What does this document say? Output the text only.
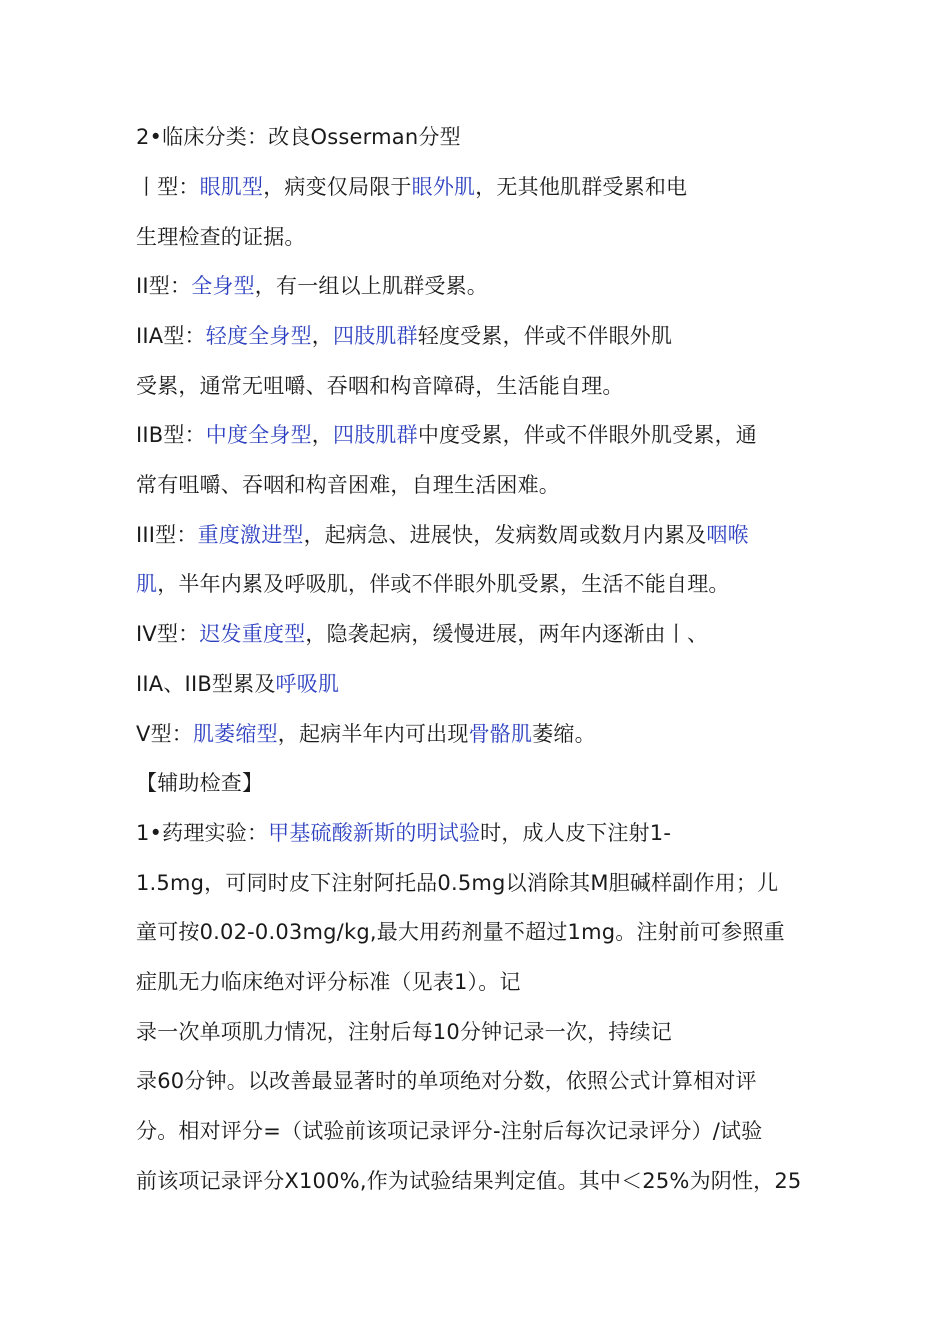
2•临床分类：改良Osserman分型
丨型：眼肌型，病变仅局限于眼外肌，无其他肌群受累和电
生理检查的证据。
II型：全身型，有一组以上肌群受累。
IIA型：轻度全身型，四肢肌群轻度受累，伴或不伴眼外肌
受累，通常无咀嚼、吞咽和构音障碍，生活能自理。
IIB型：中度全身型，四肢肌群中度受累，伴或不伴眼外肌受累，通
常有咀嚼、吞咽和构音困难，自理生活困难。
III型：重度激进型，起病急、进展快，发病数周或数月内累及咽喉
肌，半年内累及呼吸肌，伴或不伴眼外肌受累，生活不能自理。
IV型：迟发重度型，隐袭起病，缓慢进展，两年内逐渐由丨、
IIA、IIB型累及呼吸肌
V型：肌萎缩型，起病半年内可出现骨骼肌萎缩。
【辅助检查】
1•药理实验：甲基硫酸新斯的明试验时，成人皮下注射1-
1.5mg，可同时皮下注射阿托品0.5mg以消除其M胆碱样副作用；儿
童可按0.02-0.03mg/kg,最大用药剂量不超过1mg。注射前可参照重
症肌无力临床绝对评分标准（见表1）。记
录一次单项肌力情况，注射后每10分钟记录一次，持续记
录60分钟。以改善最显著时的单项绝对分数，依照公式计算相对评
分。相对评分=（试验前该项记录评分-注射后每次记录评分）/试验
前该项记录评分X100%,作为试验结果判定值。其中＜25%为阴性，25
